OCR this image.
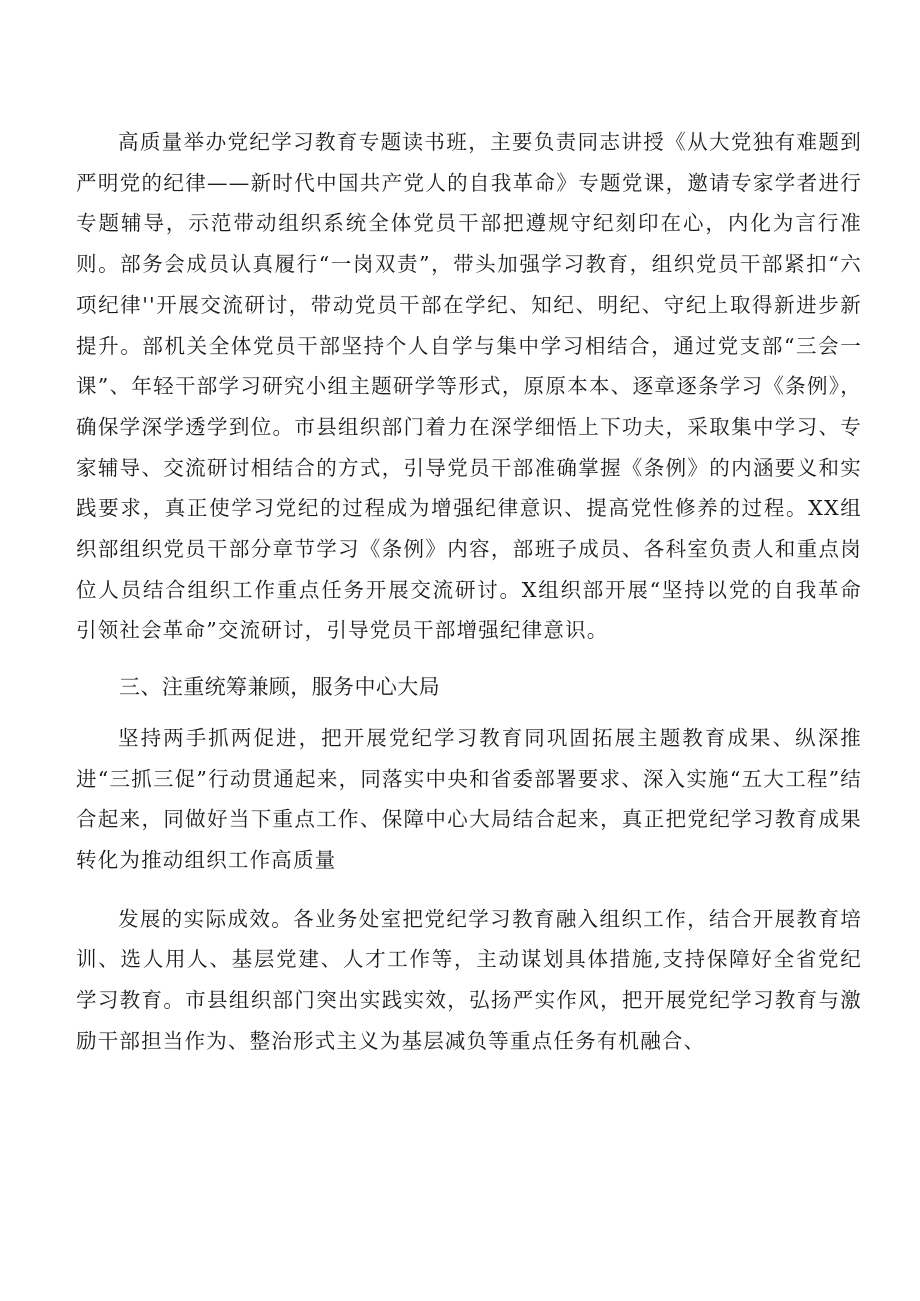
高质量举办党纪学习教育专题读书班，主要负责同志讲授《从大党独有难题到严明党的纪律——新时代中国共产党人的自我革命》专题党课，邀请专家学者进行专题辅导，示范带动组织系统全体党员干部把遵规守纪刻印在心，内化为言行准则。部务会成员认真履行“一岗双责”，带头加强学习教育，组织党员干部紧扣“六项纪律''开展交流研讨，带动党员干部在学纪、知纪、明纪、守纪上取得新进步新提升。部机关全体党员干部坚持个人自学与集中学习相结合，通过党支部“三会一课”、年轻干部学习研究小组主题研学等形式，原原本本、逐章逐条学习《条例》，确保学深学透学到位。市县组织部门着力在深学细悟上下功夫，采取集中学习、专家辅导、交流研讨相结合的方式，引导党员干部准确掌握《条例》的内涵要义和实践要求，真正使学习党纪的过程成为增强纪律意识、提高党性修养的过程。XX组织部组织党员干部分章节学习《条例》内容，部班子成员、各科室负责人和重点岗位人员结合组织工作重点任务开展交流研讨。X组织部开展“坚持以党的自我革命引领社会革命”交流研讨，引导党员干部增强纪律意识。

三、注重统筹兼顾，服务中心大局

坚持两手抓两促进，把开展党纪学习教育同巩固拓展主题教育成果、纵深推进“三抓三促”行动贯通起来，同落实中央和省委部署要求、深入实施“五大工程”结合起来，同做好当下重点工作、保障中心大局结合起来，真正把党纪学习教育成果转化为推动组织工作高质量

发展的实际成效。各业务处室把党纪学习教育融入组织工作，结合开展教育培训、选人用人、基层党建、人才工作等，主动谋划具体措施,支持保障好全省党纪学习教育。市县组织部门突出实践实效，弘扬严实作风，把开展党纪学习教育与激励干部担当作为、整治形式主义为基层减负等重点任务有机融合、
